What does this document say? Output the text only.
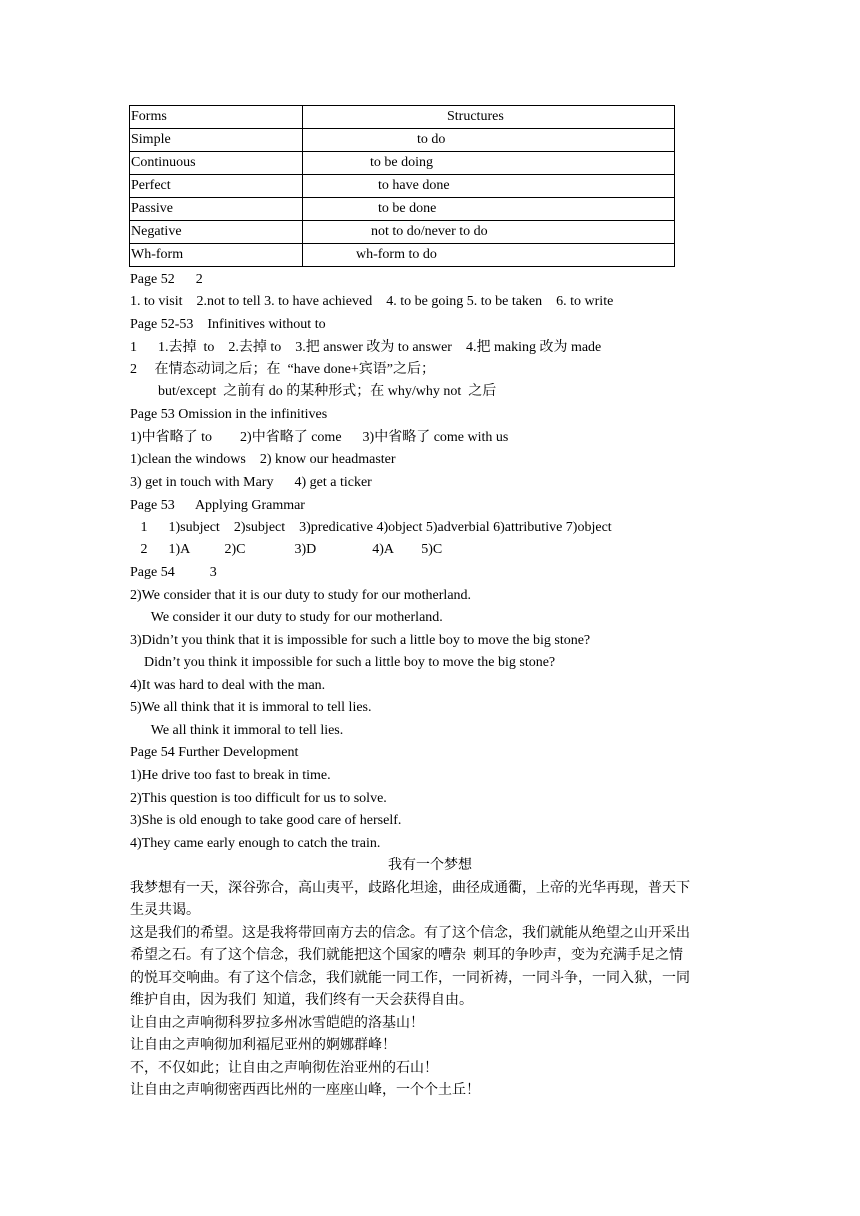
Forms	Structures

Simple	to do

Continuous	to be doing

Perfect	to have done

Passive	to be done

Negative	not to do/never to do

Wh-form	wh-form to do
Page 52      2
1. to visit    2.not to tell 3. to have achieved    4. to be going 5. to be taken    6. to write
Page 52-53    Infinitives without to
1      1.去掉  to    2.去掉 to    3.把 answer 改为 to answer    4.把 making 改为 made
2     在情态动词之后；在  “have done+宾语”之后；
but/except  之前有 do 的某种形式；在 why/why not  之后
Page 53 Omission in the infinitives
1)中省略了 to        2)中省略了 come      3)中省略了 come with us
1)clean the windows    2) know our headmaster
3) get in touch with Mary      4) get a ticker
Page 53      Applying Grammar
1      1)subject    2)subject    3)predicative 4)object 5)adverbial 6)attributive 7)object
2      1)A          2)C              3)D                4)A        5)C
Page 54          3
2)We consider that it is our duty to study for our motherland.
We consider it our duty to study for our motherland.
3)Didn’t you think that it is impossible for such a little boy to move the big stone?
Didn’t you think it impossible for such a little boy to move the big stone?
4)It was hard to deal with the man.
5)We all think that it is immoral to tell lies.
We all think it immoral to tell lies.
Page 54 Further Development
1)He drive too fast to break in time.
2)This question is too difficult for us to solve.
3)She is old enough to take good care of herself.
4)They came early enough to catch the train.
我有一个梦想
我梦想有一天，深谷弥合，高山夷平，歧路化坦途，曲径成通衢，上帝的光华再现，普天下
生灵共谒。
这是我们的希望。这是我将带回南方去的信念。有了这个信念，我们就能从绝望之山开采出
希望之石。有了这个信念，我们就能把这个国家的嘈杂  刺耳的争吵声，变为充满手足之情
的悦耳交响曲。有了这个信念，我们就能一同工作，一同祈祷，一同斗争，一同入狱，一同
维护自由，因为我们  知道，我们终有一天会获得自由。
让自由之声响彻科罗拉多州冰雪皑皑的洛基山！
让自由之声响彻加利福尼亚州的婀娜群峰！
不，不仅如此；让自由之声响彻佐治亚州的石山！
让自由之声响彻密西西比州的一座座山峰，一个个土丘！
